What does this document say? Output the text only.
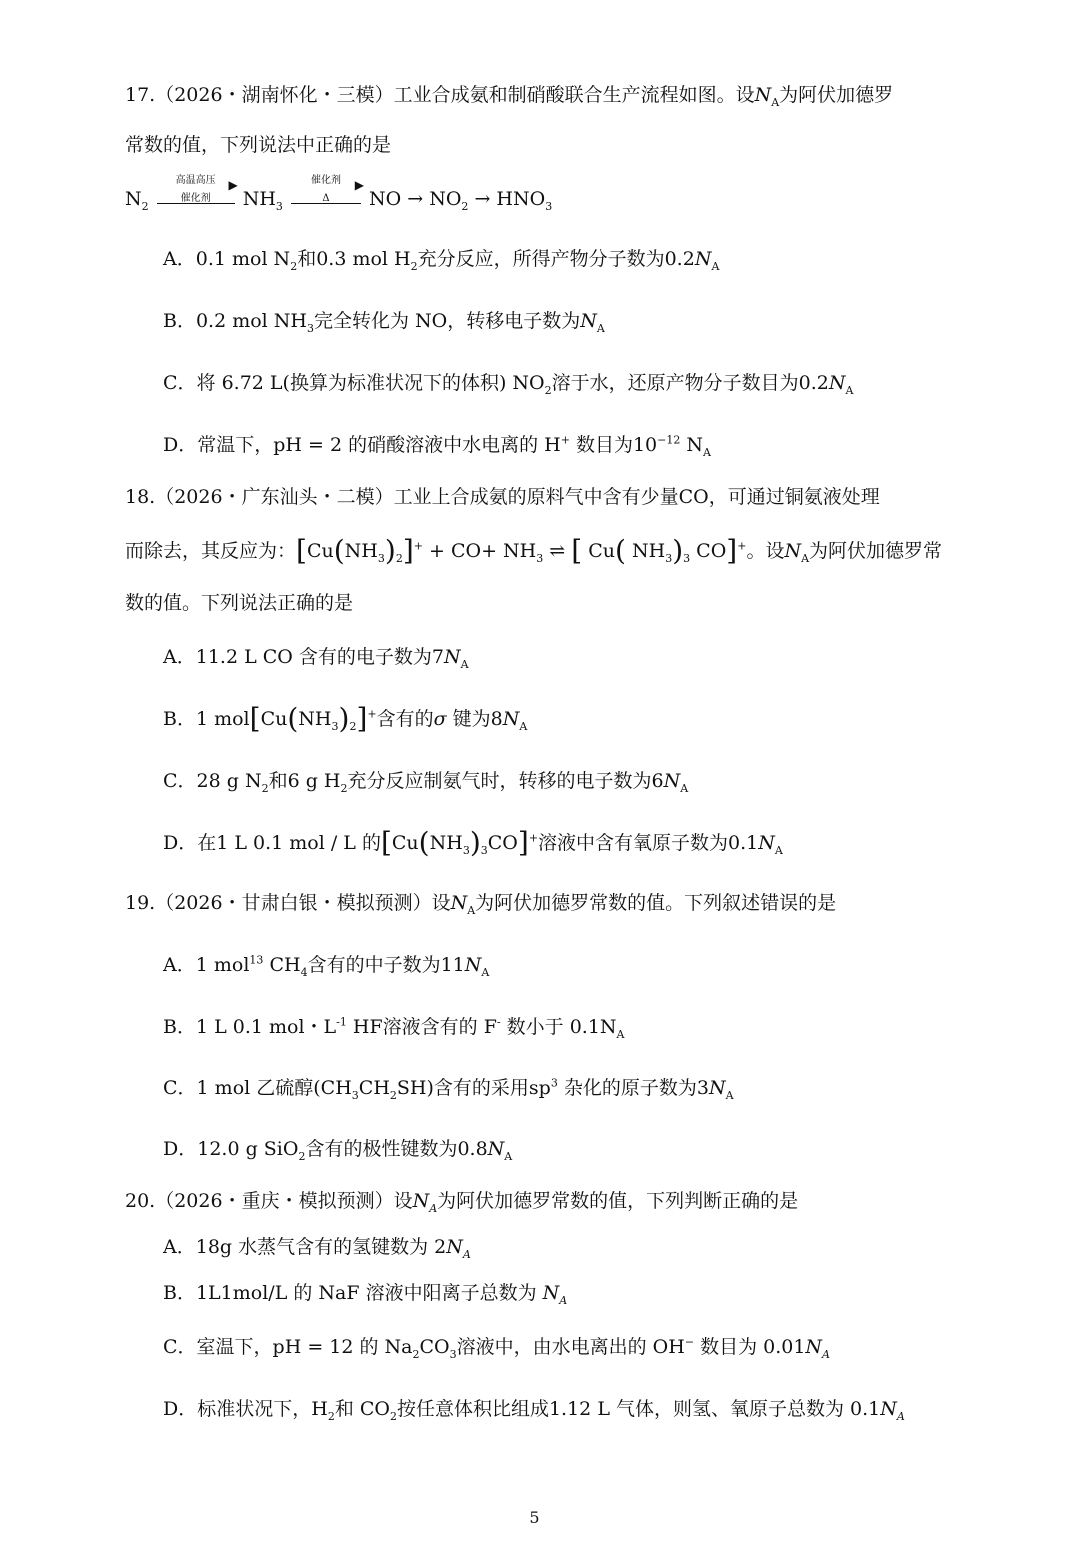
17.（2026・湖南怀化・三模）工业合成氨和制硝酸联合生产流程如图。设$N_A$为阿伏加德罗
常数的值，下列说法中正确的是
$N_2$
高温高压	▶
催化剂	$NH_3$
催化剂	▶
Δ	NO → $NO_2 \to HNO_3$
A．0.1 mol $N_2$和0.3 mol $H_2$充分反应，所得产物分子数为$0.2N_A$
B．0.2 mol $NH_3$完全转化为 NO，转移电子数为$N_A$
C．将 6.72 L(换算为标准状况下的体积) $NO_2$溶于水，还原产物分子数目为$0.2N_A$
D．常温下，pH = 2 的硝酸溶液中水电离的 H+ 数目为$10^{-12}$ $N_A$
18.（2026・广东汕头・二模）工业上合成氨的原料气中含有少量CO，可通过铜氨液处理
而除去，其反应为：$[Cu(NH_3)_2]^+ + CO+ NH_3$ ⇌ [ Cu( $NH_3)_3$ CO]+。设$N_A$为阿伏加德罗常
数的值。下列说法正确的是
A．11.2 L CO 含有的电子数为$7N_A$
B．1 $mol[Cu(NH_3)_2]^+$含有的σ 键为$8N_A$
C．28 g $N_2$和6 g $H_2$充分反应制氨气时，转移的电子数为$6N_A$
D．在1 L 0.1 mol / L 的$[Cu(NH_3)_3CO]^+$溶液中含有氧原子数为$0.1N_A$
19.（2026・甘肃白银・模拟预测）设$N_A$为阿伏加德罗常数的值。下列叙述错误的是
A．1 mol$^{13}$ $CH_4$含有的中子数为$11N_A$
B．1 L 0.1 mol・$L^{-1}$ HF溶液含有的 F- 数小于 $0.1N_A$
C．1 mol 乙硫醇$(CH_3CH_2SH)$含有的采用$sp^3$ 杂化的原子数为$3N_A$
D．12.0 g SiO$_2$含有的极性键数为$0.8N_A$
20.（2026・重庆・模拟预测）设$N_A$为阿伏加德罗常数的值，下列判断正确的是
A．18g 水蒸气含有的氢键数为 $2N_A$
B．1L1mol/L 的 NaF 溶液中阳离子总数为 $N_A$
C．室温下，pH = 12 的 $Na_2CO_3$溶液中，由水电离出的 OH− 数目为 $0.01N_A$
D．标准状况下，$H_2$和 $CO_2$按任意体积比组成1.12 L 气体，则氢、氧原子总数为 $0.1N_A$
5
